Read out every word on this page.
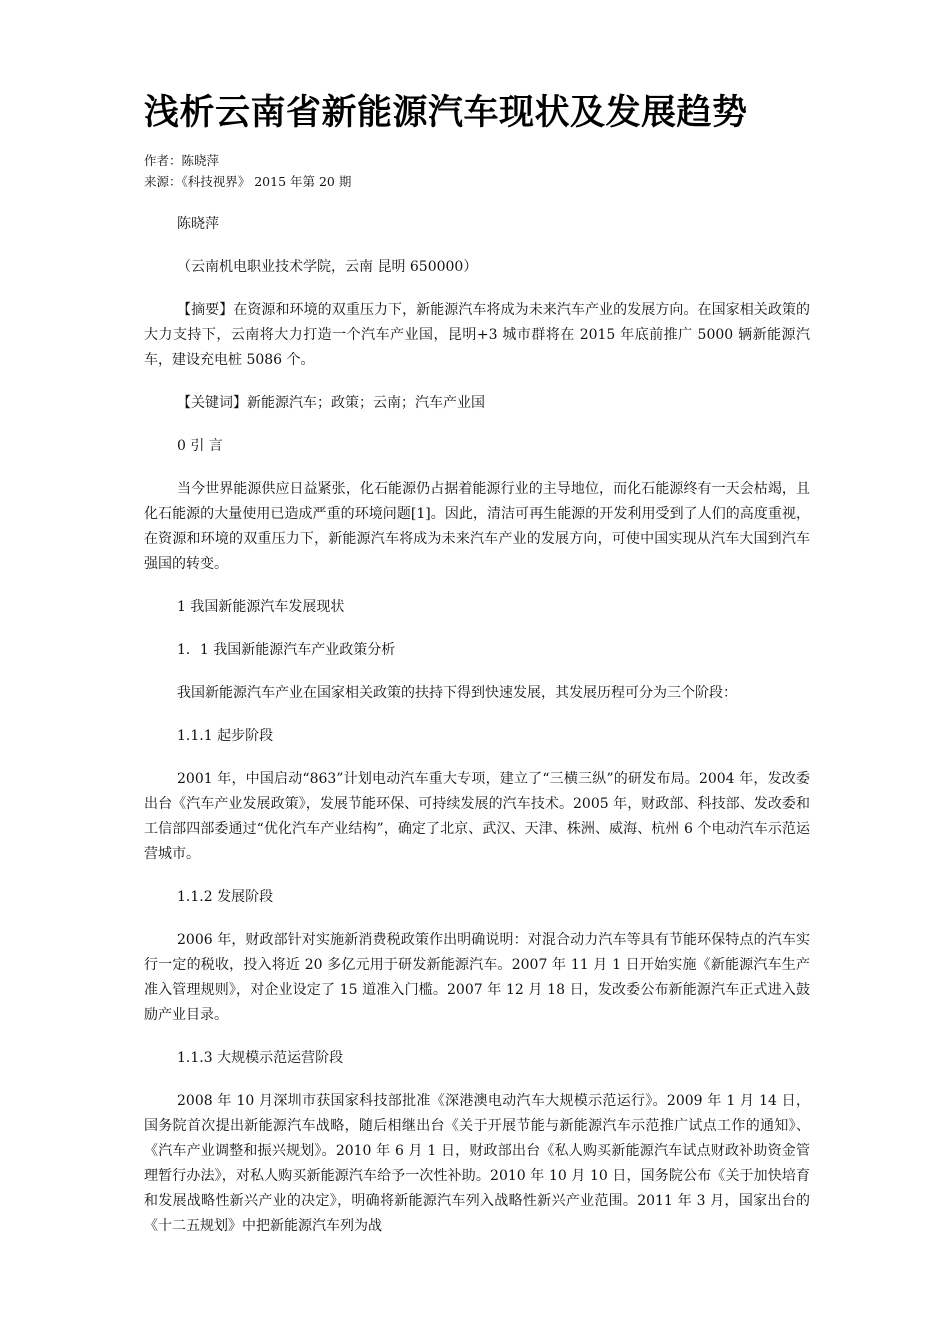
浅析云南省新能源汽车现状及发展趋势
作者：陈晓萍
来源：《科技视界》 2015 年第 20 期

陈晓萍

（云南机电职业技术学院，云南 昆明 650000）

【摘要】在资源和环境的双重压力下，新能源汽车将成为未来汽车产业的发展方向。在国家相关政策的大力支持下，云南将大力打造一个汽车产业国，昆明+3 城市群将在 2015 年底前推广 5000 辆新能源汽车，建设充电桩 5086 个。

【关键词】新能源汽车；政策；云南；汽车产业国

0 引 言

当今世界能源供应日益紧张，化石能源仍占据着能源行业的主导地位，而化石能源终有一天会枯竭，且化石能源的大量使用已造成严重的环境问题[1]。因此，清洁可再生能源的开发利用受到了人们的高度重视，在资源和环境的双重压力下，新能源汽车将成为未来汽车产业的发展方向，可使中国实现从汽车大国到汽车强国的转变。

1 我国新能源汽车发展现状

1．1 我国新能源汽车产业政策分析

我国新能源汽车产业在国家相关政策的扶持下得到快速发展，其发展历程可分为三个阶段：

1.1.1 起步阶段

2001 年，中国启动“863”计划电动汽车重大专项，建立了“三横三纵”的研发布局。2004 年，发改委出台《汽车产业发展政策》，发展节能环保、可持续发展的汽车技术。2005 年，财政部、科技部、发改委和工信部四部委通过“优化汽车产业结构”，确定了北京、武汉、天津、株洲、威海、杭州 6 个电动汽车示范运营城市。

1.1.2 发展阶段

2006 年，财政部针对实施新消费税政策作出明确说明：对混合动力汽车等具有节能环保特点的汽车实行一定的税收，投入将近 20 多亿元用于研发新能源汽车。2007 年 11 月 1 日开始实施《新能源汽车生产准入管理规则》，对企业设定了 15 道准入门槛。2007 年 12 月 18 日，发改委公布新能源汽车正式进入鼓励产业目录。

1.1.3 大规模示范运营阶段

2008 年 10 月深圳市获国家科技部批准《深港澳电动汽车大规模示范运行》。2009 年 1 月 14 日，国务院首次提出新能源汽车战略，随后相继出台《关于开展节能与新能源汽车示范推广试点工作的通知》、《汽车产业调整和振兴规划》。2010 年 6 月 1 日，财政部出台《私人购买新能源汽车试点财政补助资金管理暂行办法》，对私人购买新能源汽车给予一次性补助。2010 年 10 月 10 日，国务院公布《关于加快培育和发展战略性新兴产业的决定》，明确将新能源汽车列入战略性新兴产业范围。2011 年 3 月，国家出台的《十二五规划》中把新能源汽车列为战
